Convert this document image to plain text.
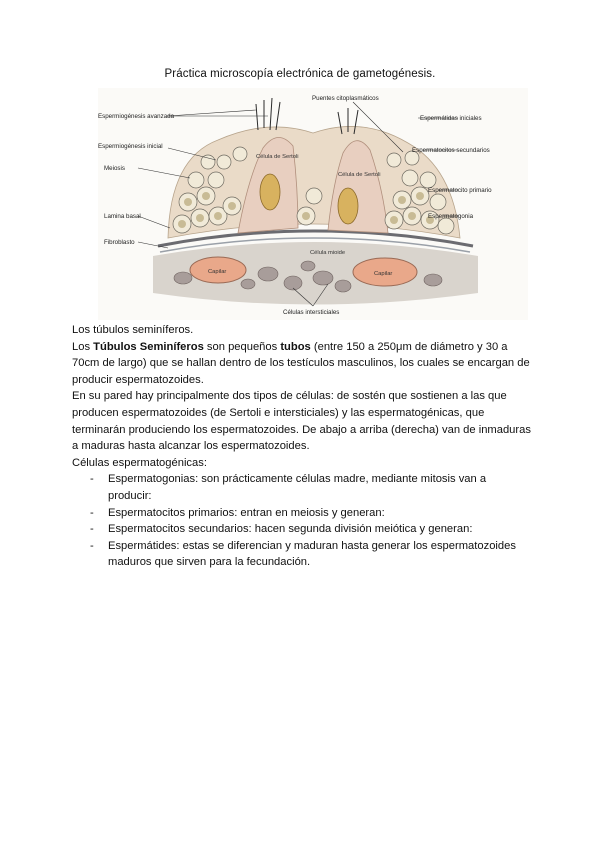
Práctica microscopía electrónica de gametogénesis.
Espermiogénesis avanzada
Espermiogénesis inicial
Meiosis
Lamina basal
Fibroblasto
Puentes citoplasmáticos
Espermátidas iniciales
Espermatocitos secundarios
Espermatocito primario
Espermatogonia
Células intersticiales
Célula de Sertoli
Célula de Sertoli
Célula mioide
Capilar	Capilar

Los túbulos seminíferos.

Los Túbulos Seminíferos son pequeños tubos (entre 150 a 250μm de diámetro y 30 a 70cm de largo) que se hallan dentro de los testículos masculinos, los cuales se encargan de producir espermatozoides.

En su pared hay principalmente dos tipos de células: de sostén que sostienen a las que producen espermatozoides (de Sertoli e intersticiales) y las espermatogénicas, que terminarán produciendo los espermatozoides. De abajo a arriba (derecha) van de inmaduras a maduras hasta alcanzar los espermatozoides.

Células espermatogénicas:

- Espermatogonias: son prácticamente células madre, mediante mitosis van a producir:
- Espermatocitos primarios: entran en meiosis y generan:
- Espermatocitos secundarios: hacen segunda división meiótica y generan:
- Espermátides: estas se diferencian y maduran hasta generar los espermatozoides maduros que sirven para la fecundación.
